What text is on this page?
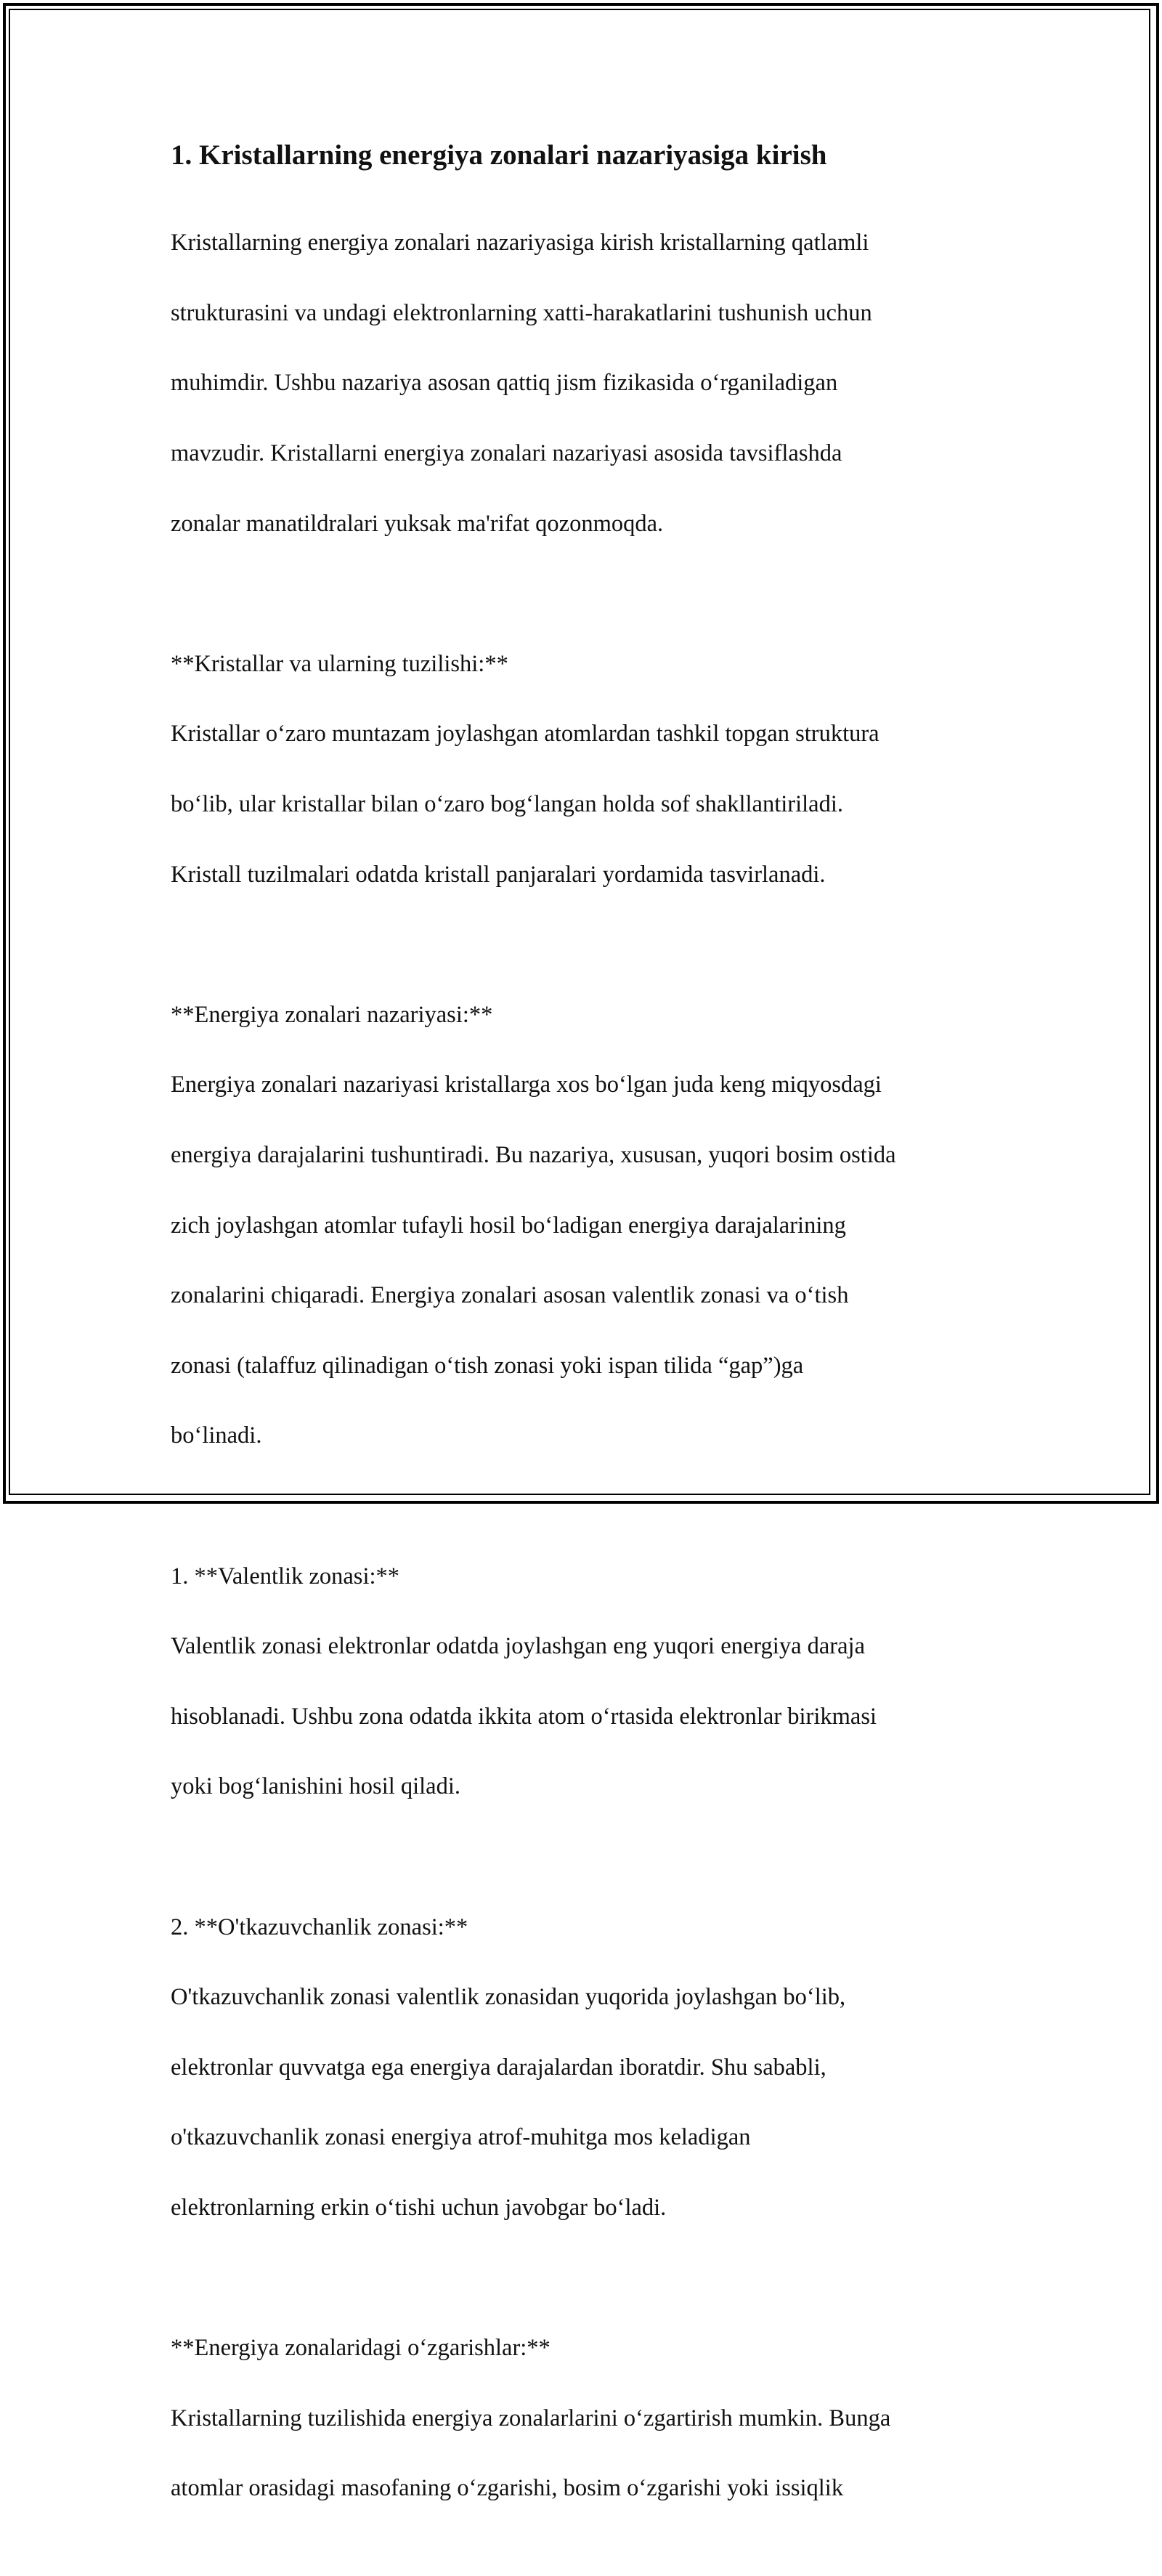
1. Kristallarning energiya zonalari nazariyasiga kirish

Kristallarning energiya zonalari nazariyasiga kirish kristallarning qatlamli

strukturasini va undagi elektronlarning xatti-harakatlarini tushunish uchun

muhimdir. Ushbu nazariya asosan qattiq jism fizikasida oʻrganiladigan

mavzudir. Kristallarni energiya zonalari nazariyasi asosida tavsiflashda

zonalar manatildralari yuksak ma'rifat qozonmoqda.

**Kristallar va ularning tuzilishi:**

Kristallar oʻzaro muntazam joylashgan atomlardan tashkil topgan struktura

boʻlib, ular kristallar bilan oʻzaro bogʻlangan holda sof shakllantiriladi.

Kristall tuzilmalari odatda kristall panjaralari yordamida tasvirlanadi.

**Energiya zonalari nazariyasi:**

Energiya zonalari nazariyasi kristallarga xos boʻlgan juda keng miqyosdagi

energiya darajalarini tushuntiradi. Bu nazariya, xususan, yuqori bosim ostida

zich joylashgan atomlar tufayli hosil boʻladigan energiya darajalarining

zonalarini chiqaradi. Energiya zonalari asosan valentlik zonasi va oʻtish

zonasi (talaffuz qilinadigan oʻtish zonasi yoki ispan tilida “gap”)ga

boʻlinadi.

1. **Valentlik zonasi:**

Valentlik zonasi elektronlar odatda joylashgan eng yuqori energiya daraja

hisoblanadi. Ushbu zona odatda ikkita atom oʻrtasida elektronlar birikmasi

yoki bogʻlanishini hosil qiladi.

2. **O'tkazuvchanlik zonasi:**

O'tkazuvchanlik zonasi valentlik zonasidan yuqorida joylashgan boʻlib,

elektronlar quvvatga ega energiya darajalardan iboratdir. Shu sababli,

o'tkazuvchanlik zonasi energiya atrof-muhitga mos keladigan

elektronlarning erkin oʻtishi uchun javobgar boʻladi.

**Energiya zonalaridagi oʻzgarishlar:**

Kristallarning tuzilishida energiya zonalarlarini oʻzgartirish mumkin. Bunga

atomlar orasidagi masofaning oʻzgarishi, bosim oʻzgarishi yoki issiqlik
